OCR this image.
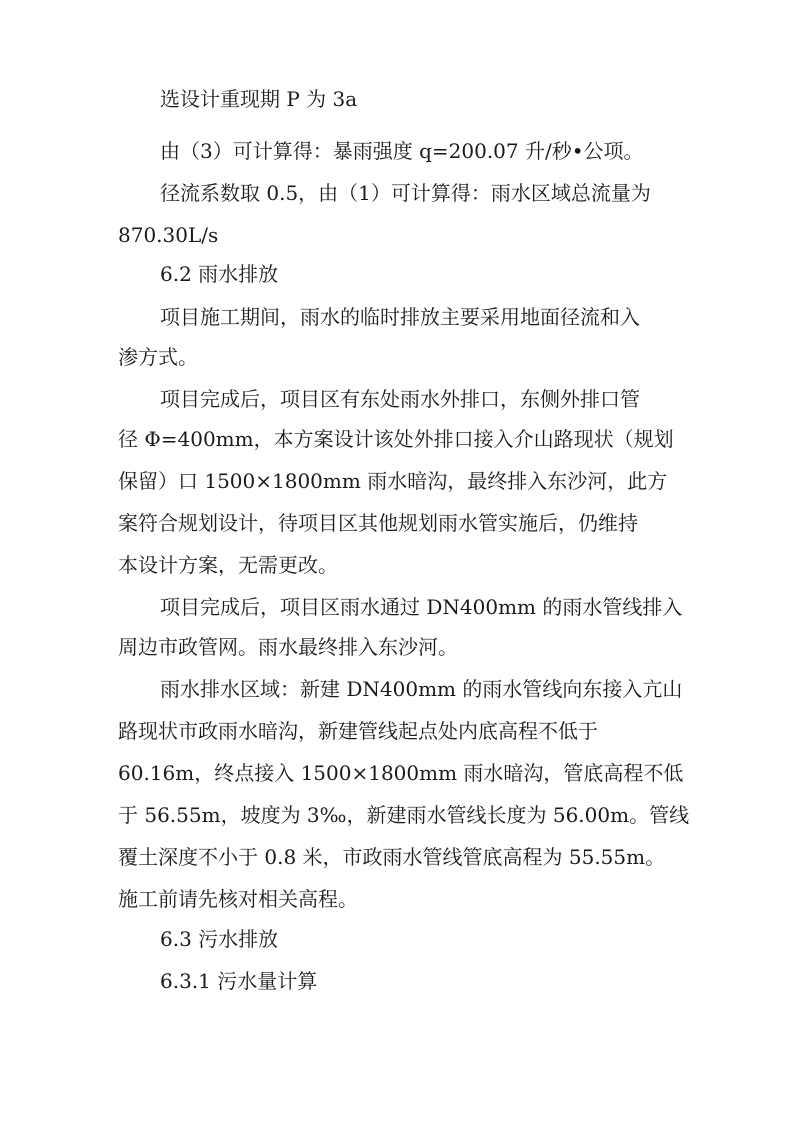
选设计重现期 P 为 3a
由（3）可计算得：暴雨强度 q=200.07 升/秒•公项。
径流系数取 0.5，由（1）可计算得：雨水区域总流量为
870.30L/s
6.2 雨水排放
项目施工期间，雨水的临时排放主要采用地面径流和入
渗方式。
项目完成后，项目区有东处雨水外排口，东侧外排口管
径 Φ=400mm，本方案设计该处外排口接入介山路现状（规划
保留）口 1500×1800mm 雨水暗沟，最终排入东沙河，此方
案符合规划设计，待项目区其他规划雨水管实施后，仍维持
本设计方案，无需更改。
项目完成后，项目区雨水通过 DN400mm 的雨水管线排入
周边市政管网。雨水最终排入东沙河。
雨水排水区域：新建 DN400mm 的雨水管线向东接入亢山
路现状市政雨水暗沟，新建管线起点处内底高程不低于
60.16m，终点接入 1500×1800mm 雨水暗沟，管底高程不低
于 56.55m，坡度为 3‰，新建雨水管线长度为 56.00m。管线
覆土深度不小于 0.8 米，市政雨水管线管底高程为 55.55m。
施工前请先核对相关高程。
6.3 污水排放
6.3.1 污水量计算
